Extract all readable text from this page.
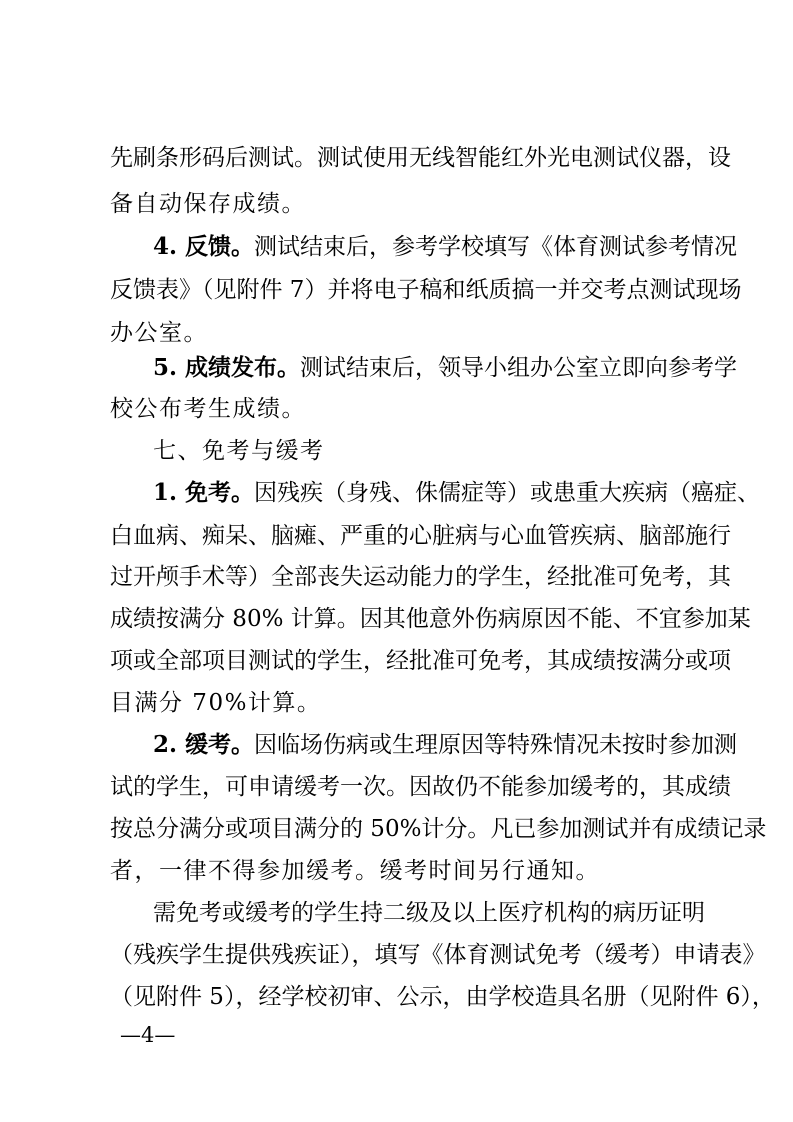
先刷条形码后测试。测试使用无线智能红外光电测试仪器，设
备自动保存成绩。
4. 反馈。测试结束后，参考学校填写《体育测试参考情况
反馈表》（见附件 7）并将电子稿和纸质搞一并交考点测试现场
办公室。
5. 成绩发布。测试结束后，领导小组办公室立即向参考学
校公布考生成绩。
七、免考与缓考
1. 免考。因残疾（身残、侏儒症等）或患重大疾病（癌症、
白血病、痴呆、脑瘫、严重的心脏病与心血管疾病、脑部施行
过开颅手术等）全部丧失运动能力的学生，经批准可免考，其
成绩按满分 80% 计算。因其他意外伤病原因不能、不宜参加某
项或全部项目测试的学生，经批准可免考，其成绩按满分或项
目满分 70%计算。
2. 缓考。因临场伤病或生理原因等特殊情况未按时参加测
试的学生，可申请缓考一次。因故仍不能参加缓考的，其成绩
按总分满分或项目满分的 50%计分。凡已参加测试并有成绩记录
者，一律不得参加缓考。缓考时间另行通知。
需免考或缓考的学生持二级及以上医疗机构的病历证明
（残疾学生提供残疾证），填写《体育测试免考（缓考）申请表》
（见附件 5），经学校初审、公示，由学校造具名册（见附件 6），
—4—
